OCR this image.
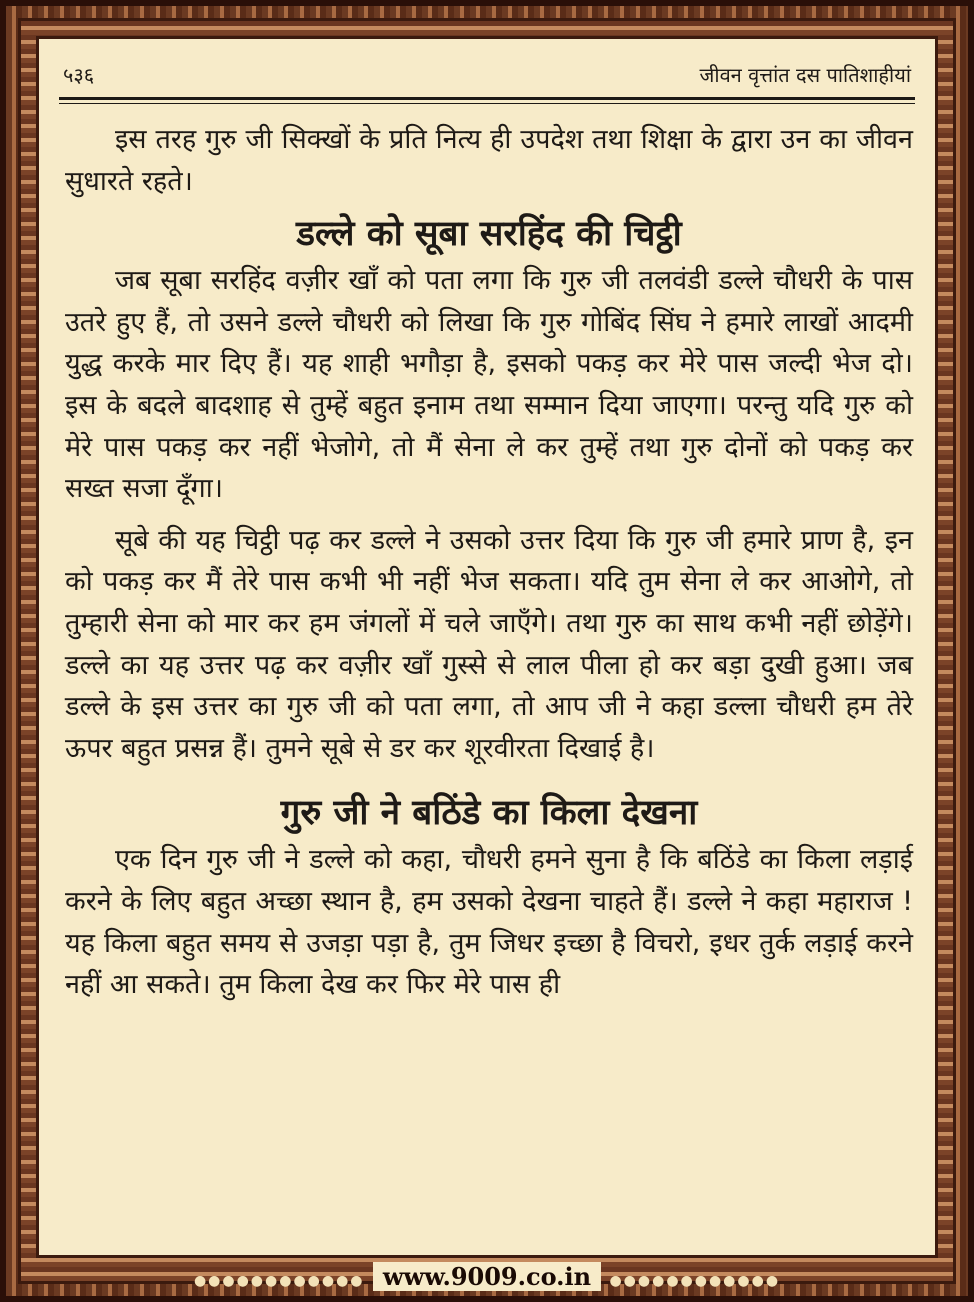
५३६	जीवन वृत्तांत दस पातिशाहीयां

इस तरह गुरु जी सिक्खों के प्रति नित्य ही उपदेश तथा शिक्षा के द्वारा उन का जीवन सुधारते रहते।

डल्ले को सूबा सरहिंद की चिट्ठी

जब सूबा सरहिंद वज़ीर खाँ को पता लगा कि गुरु जी तलवंडी डल्ले चौधरी के पास उतरे हुए हैं, तो उसने डल्ले चौधरी को लिखा कि गुरु गोबिंद सिंघ ने हमारे लाखों आदमी युद्ध करके मार दिए हैं। यह शाही भगौड़ा है, इसको पकड़ कर मेरे पास जल्दी भेज दो। इस के बदले बादशाह से तुम्हें बहुत इनाम तथा सम्मान दिया जाएगा। परन्तु यदि गुरु को मेरे पास पकड़ कर नहीं भेजोगे, तो मैं सेना ले कर तुम्हें तथा गुरु दोनों को पकड़ कर सख्त सजा दूँगा।

सूबे की यह चिट्ठी पढ़ कर डल्ले ने उसको उत्तर दिया कि गुरु जी हमारे प्राण है, इन को पकड़ कर मैं तेरे पास कभी भी नहीं भेज सकता। यदि तुम सेना ले कर आओगे, तो तुम्हारी सेना को मार कर हम जंगलों में चले जाएँगे। तथा गुरु का साथ कभी नहीं छोड़ेंगे। डल्ले का यह उत्तर पढ़ कर वज़ीर खाँ गुस्से से लाल पीला हो कर बड़ा दुखी हुआ। जब डल्ले के इस उत्तर का गुरु जी को पता लगा, तो आप जी ने कहा डल्ला चौधरी हम तेरे ऊपर बहुत प्रसन्न हैं। तुमने सूबे से डर कर शूरवीरता दिखाई है।

गुरु जी ने बठिंडे का किला देखना

एक दिन गुरु जी ने डल्ले को कहा, चौधरी हमने सुना है कि बठिंडे का किला लड़ाई करने के लिए बहुत अच्छा स्थान है, हम उसको देखना चाहते हैं। डल्ले ने कहा महाराज ! यह किला बहुत समय से उजड़ा पड़ा है, तुम जिधर इच्छा है विचरो, इधर तुर्क लड़ाई करने नहीं आ सकते। तुम किला देख कर फिर मेरे पास ही

●●●●●●●●●●●● www.9009.co.in ●●●●●●●●●●●●
